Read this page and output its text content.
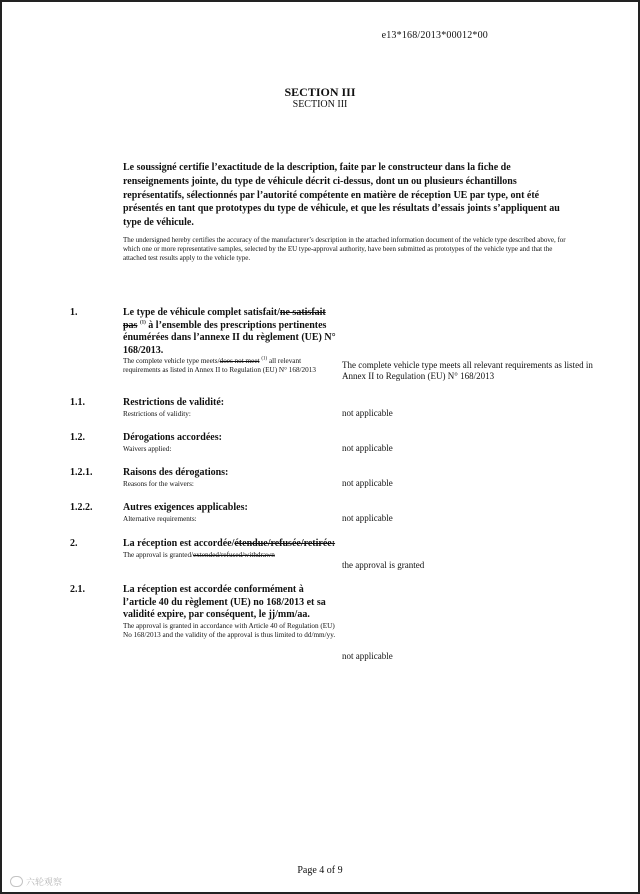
e13*168/2013*00012*00
SECTION III
SECTION III
Le soussigné certifie l’exactitude de la description, faite par le constructeur dans la fiche de renseignements jointe, du type de véhicule décrit ci-dessus, dont un ou plusieurs échantillons représentatifs, sélectionnés par l’autorité compétente en matière de réception UE par type, ont été présentés en tant que prototypes du type de véhicule, et que les résultats d’essais joints s’appliquent au type de véhicule.
The undersigned hereby certifies the accuracy of the manufacturer’s description in the attached information document of the vehicle type described above, for which one or more representative samples, selected by the EU type-approval authority, have been submitted as prototypes of the vehicle type and that the attached test results apply to the vehicle type.
1.	Le type de véhicule complet satisfait/ne satisfait pas $^{(1)}$ à l’ensemble des prescriptions pertinentes énumérées dans l’annexe II du règlement (UE) N° 168/2013.
The complete vehicle type meets/does not meet $^{(1)}$ all relevant requirements as listed in Annex II to Regulation (EU) N° 168/2013
The complete vehicle type meets all relevant requirements as listed in Annex II to Regulation (EU) N° 168/2013
1.1.	Restrictions de validité:
Restrictions of validity:	not applicable
1.2.	Dérogations accordées:
Waivers applied:	not applicable
1.2.1.	Raisons des dérogations:
Reasons for the waivers:	not applicable
1.2.2.	Autres exigences applicables:
Alternative requirements:	not applicable
2.	La réception est accordée/étendue/refusée/retirée:
The approval is granted/extended/refused/withdrawn
the approval is granted
2.1.	La réception est accordée conformément à l’article 40 du règlement (UE) no 168/2013 et sa validité expire, par conséquent, le jj/mm/aa.
The approval is granted in accordance with Article 40 of Regulation (EU) No 168/2013 and the validity of the approval is thus limited to dd/mm/yy.
not applicable
Page 4 of 9
六轮观察
